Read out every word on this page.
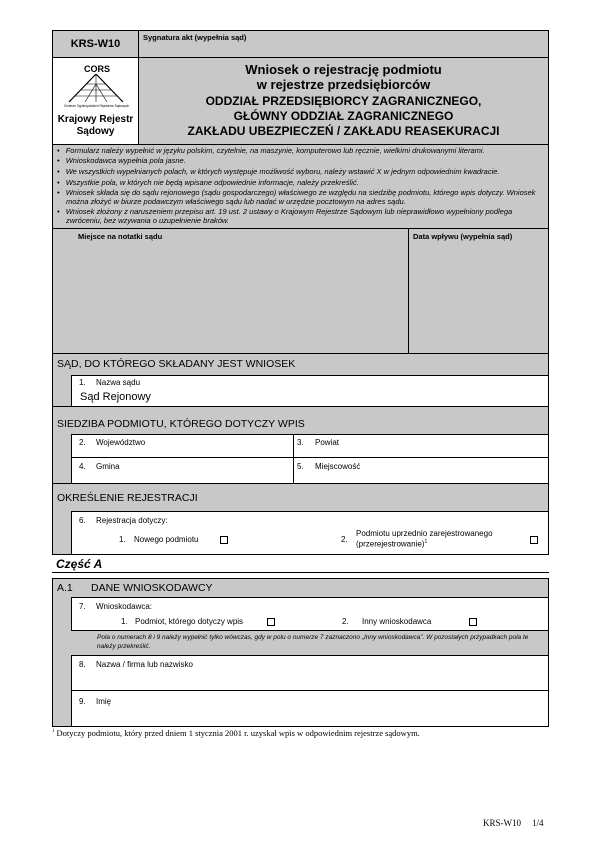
KRS-W10
Sygnatura akt (wypełnia sąd)
CORS
Centrum Ogólnopolskich Rejestrów Sądowych
Krajowy Rejestr Sądowy
Wniosek o rejestrację podmiotu
w rejestrze przedsiębiorców
ODDZIAŁ PRZEDSIĘBIORCY ZAGRANICZNEGO,
GŁÓWNY ODDZIAŁ ZAGRANICZNEGO
ZAKŁADU UBEZPIECZEŃ / ZAKŁADU REASEKURACJI
• Formularz należy wypełnić w języku polskim, czytelnie, na maszynie, komputerowo lub ręcznie, wielkimi drukowanymi literami.
• Wnioskodawca wypełnia pola jasne.
• We wszystkich wypełnianych polach, w których występuje możliwość wyboru, należy wstawić X w jednym odpowiednim kwadracie.
• Wszystkie pola, w których nie będą wpisane odpowiednie informacje, należy przekreślić.
• Wniosek składa się do sądu rejonowego (sądu gospodarczego) właściwego ze względu na siedzibę podmiotu, którego wpis dotyczy. Wniosek można złożyć w biurze podawczym właściwego sądu lub nadać w urzędzie pocztowym na adres sądu.
• Wniosek złożony z naruszeniem przepisu art. 19 ust. 2 ustawy o Krajowym Rejestrze Sądowym lub nieprawidłowo wypełniony podlega zwróceniu, bez wzywania o uzupełnienie braków.
Miejsce na notatki sądu	Data wpływu (wypełnia sąd)
SĄD, DO KTÓREGO SKŁADANY JEST WNIOSEK
1. Nazwa sądu
Sąd Rejonowy
SIEDZIBA PODMIOTU, KTÓREGO DOTYCZY WPIS
2. Województwo	3. Powiat
4. Gmina	5. Miejscowość
OKREŚLENIE REJESTRACJI
6. Rejestracja dotyczy:
1. Nowego podmiotu	2.
Podmiotu uprzednio zarejestrowanego
(przerejestrowanie)$^1$
Część A
A.1 DANE WNIOSKODAWCY
7. Wnioskodawca:
1. Podmiot, którego dotyczy wpis	2. Inny wnioskodawca
Pola o numerach 8 i 9 należy wypełnić tylko wówczas, gdy w polu o numerze 7 zaznaczono „Inny wnioskodawca”. W pozostałych przypadkach pola te należy przekreślić.
8. Nazwa / firma lub nazwisko
9. Imię
$^1$ Dotyczy podmiotu, który przed dniem 1 stycznia 2001 r. uzyskał wpis w odpowiednim rejestrze sądowym.
KRS-W10 1/4
